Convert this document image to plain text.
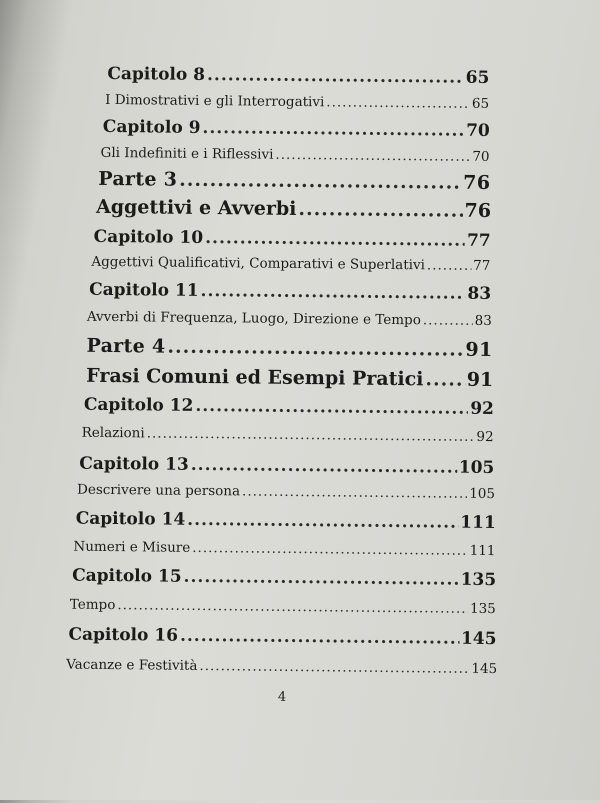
Capitolo 8 .....	65
I Dimostrativi e gli Interrogativi .....	65
Capitolo 9 .....	70
Gli Indefiniti e i Riflessivi .....	70
Parte 3 .....	76
Aggettivi e Avverbi .....	76
Capitolo 10 .....	77
Aggettivi Qualificativi, Comparativi e Superlativi .....	77
Capitolo 11 .....	83
Avverbi di Frequenza, Luogo, Direzione e Tempo .....	83
Parte 4 .....	91
Frasi Comuni ed Esempi Pratici ..... 91
Capitolo 12 .....	92
Relazioni .....	92
Capitolo 13 .....	105
Descrivere una persona .....	105
Capitolo 14 .....	111
Numeri e Misure .....	111
Capitolo 15 .....	135
Tempo .....	135
Capitolo 16 .....	145
Vacanze e Festività .....	145
4
